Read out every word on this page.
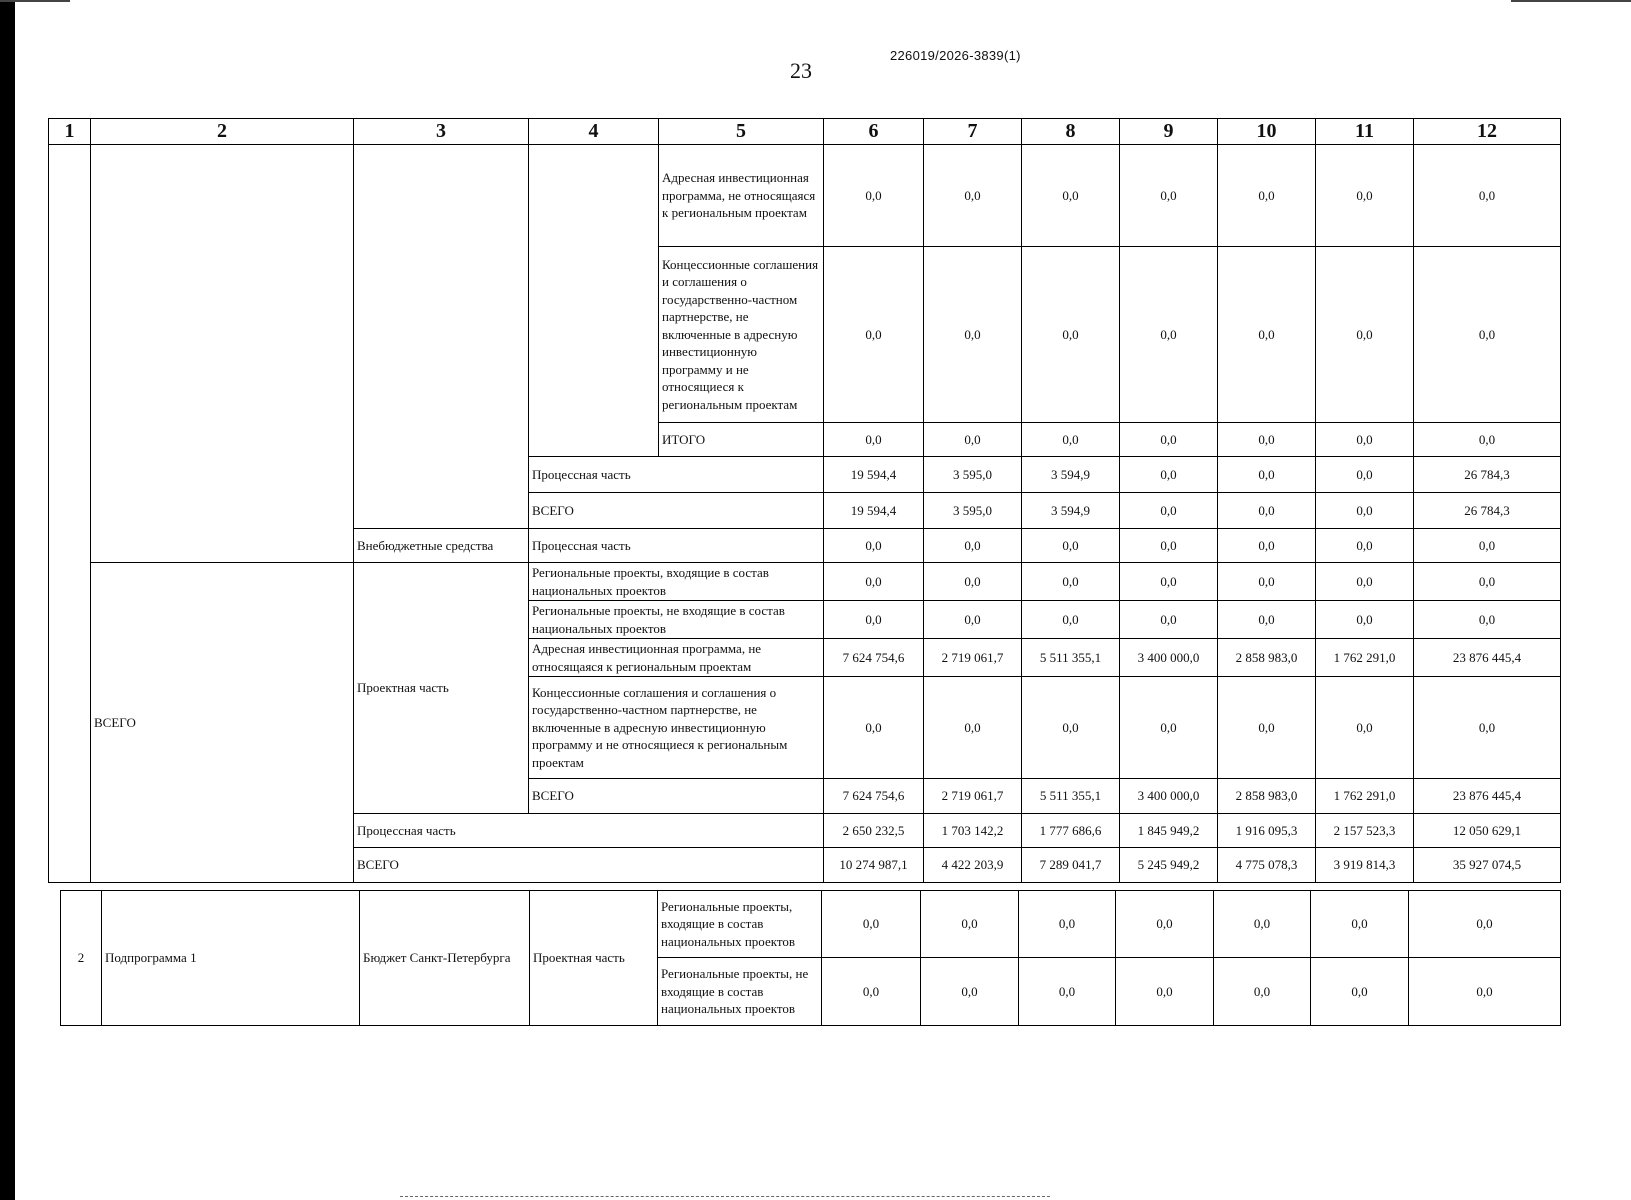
23
226019/2026-3839(1)
1	2	3	4	5	6	7	8	9	10	11	12
				Адресная инвестиционная программа, не относящаяся к региональным проектам	0,0	0,0	0,0	0,0	0,0	0,0	0,0
				Концессионные соглашения и соглашения о государственно-частном партнерстве, не включенные в адресную инвестиционную программу и не относящиеся к региональным проектам	0,0	0,0	0,0	0,0	0,0	0,0	0,0
				ИТОГО	0,0	0,0	0,0	0,0	0,0	0,0	0,0
			Процессная часть		19 594,4	3 595,0	3 594,9	0,0	0,0	0,0	26 784,3
			ВСЕГО		19 594,4	3 595,0	3 594,9	0,0	0,0	0,0	26 784,3
		Внебюджетные средства	Процессная часть		0,0	0,0	0,0	0,0	0,0	0,0	0,0
	ВСЕГО	Проектная часть	Региональные проекты, входящие в состав национальных проектов		0,0	0,0	0,0	0,0	0,0	0,0	0,0
			Региональные проекты, не входящие в состав национальных проектов		0,0	0,0	0,0	0,0	0,0	0,0	0,0
			Адресная инвестиционная программа, не относящаяся к региональным проектам		7 624 754,6	2 719 061,7	5 511 355,1	3 400 000,0	2 858 983,0	1 762 291,0	23 876 445,4
			Концессионные соглашения и соглашения о государственно-частном партнерстве, не включенные в адресную инвестиционную программу и не относящиеся к региональным проектам		0,0	0,0	0,0	0,0	0,0	0,0	0,0
			ВСЕГО		7 624 754,6	2 719 061,7	5 511 355,1	3 400 000,0	2 858 983,0	1 762 291,0	23 876 445,4
		Процессная часть			2 650 232,5	1 703 142,2	1 777 686,6	1 845 949,2	1 916 095,3	2 157 523,3	12 050 629,1
		ВСЕГО			10 274 987,1	4 422 203,9	7 289 041,7	5 245 949,2	4 775 078,3	3 919 814,3	35 927 074,5
2	Подпрограмма 1	Бюджет Санкт-Петербурга	Проектная часть	Региональные проекты, входящие в состав национальных проектов	0,0	0,0	0,0	0,0	0,0	0,0	0,0
				Региональные проекты, не входящие в состав национальных проектов	0,0	0,0	0,0	0,0	0,0	0,0	0,0
